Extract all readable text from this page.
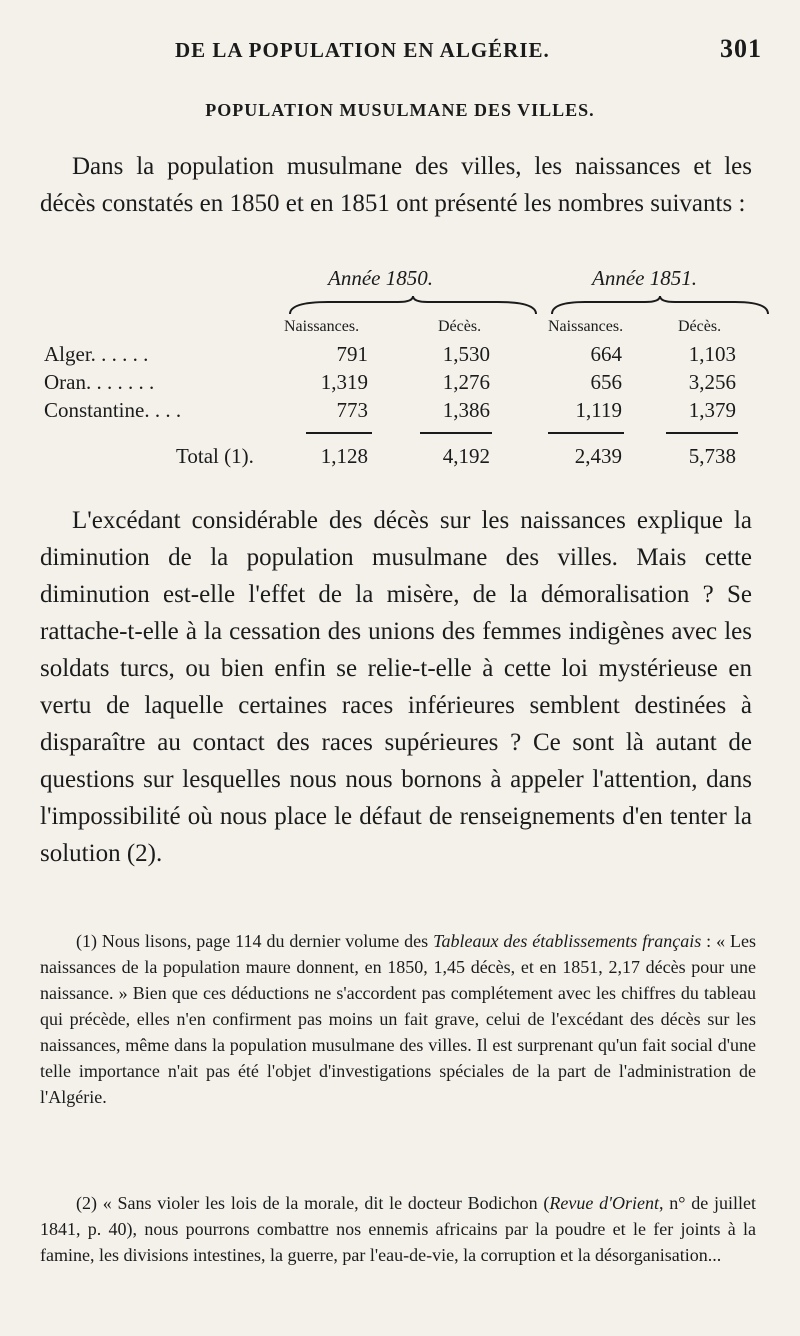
DE LA POPULATION EN ALGÉRIE.	301
POPULATION MUSULMANE DES VILLES.

Dans la population musulmane des villes, les naissances et les décès constatés en 1850 et en 1851 ont présenté les nombres suivants :

Année 1850.	Année 1851.
Naissances.	Décès.	Naissances.	Décès.
Alger. . . . . .	791	1,530	664	1,103
Oran. . . . . . .	1,319	1,276	656	3,256
Constantine. . . .	773	1,386	1,119	1,379
Total (1).	1,128	4,192	2,439	5,738

L'excédant considérable des décès sur les naissances explique la diminution de la population musulmane des villes. Mais cette diminution est-elle l'effet de la misère, de la démoralisation ? Se rattache-t-elle à la cessation des unions des femmes indigènes avec les soldats turcs, ou bien enfin se relie-t-elle à cette loi mystérieuse en vertu de laquelle certaines races inférieures semblent destinées à disparaître au contact des races supérieures ? Ce sont là autant de questions sur lesquelles nous nous bornons à appeler l'attention, dans l'impossibilité où nous place le défaut de renseignements d'en tenter la solution (2).

(1) Nous lisons, page 114 du dernier volume des Tableaux des établissements français : « Les naissances de la population maure donnent, en 1850, 1,45 décès, et en 1851, 2,17 décès pour une naissance. » Bien que ces déductions ne s'accordent pas complétement avec les chiffres du tableau qui précède, elles n'en confirment pas moins un fait grave, celui de l'excédant des décès sur les naissances, même dans la population musulmane des villes. Il est surprenant qu'un fait social d'une telle importance n'ait pas été l'objet d'investigations spéciales de la part de l'administration de l'Algérie.

(2) « Sans violer les lois de la morale, dit le docteur Bodichon (Revue d'Orient, n° de juillet 1841, p. 40), nous pourrons combattre nos ennemis africains par la poudre et le fer joints à la famine, les divisions intestines, la guerre, par l'eau-de-vie, la corruption et la désorganisation...
